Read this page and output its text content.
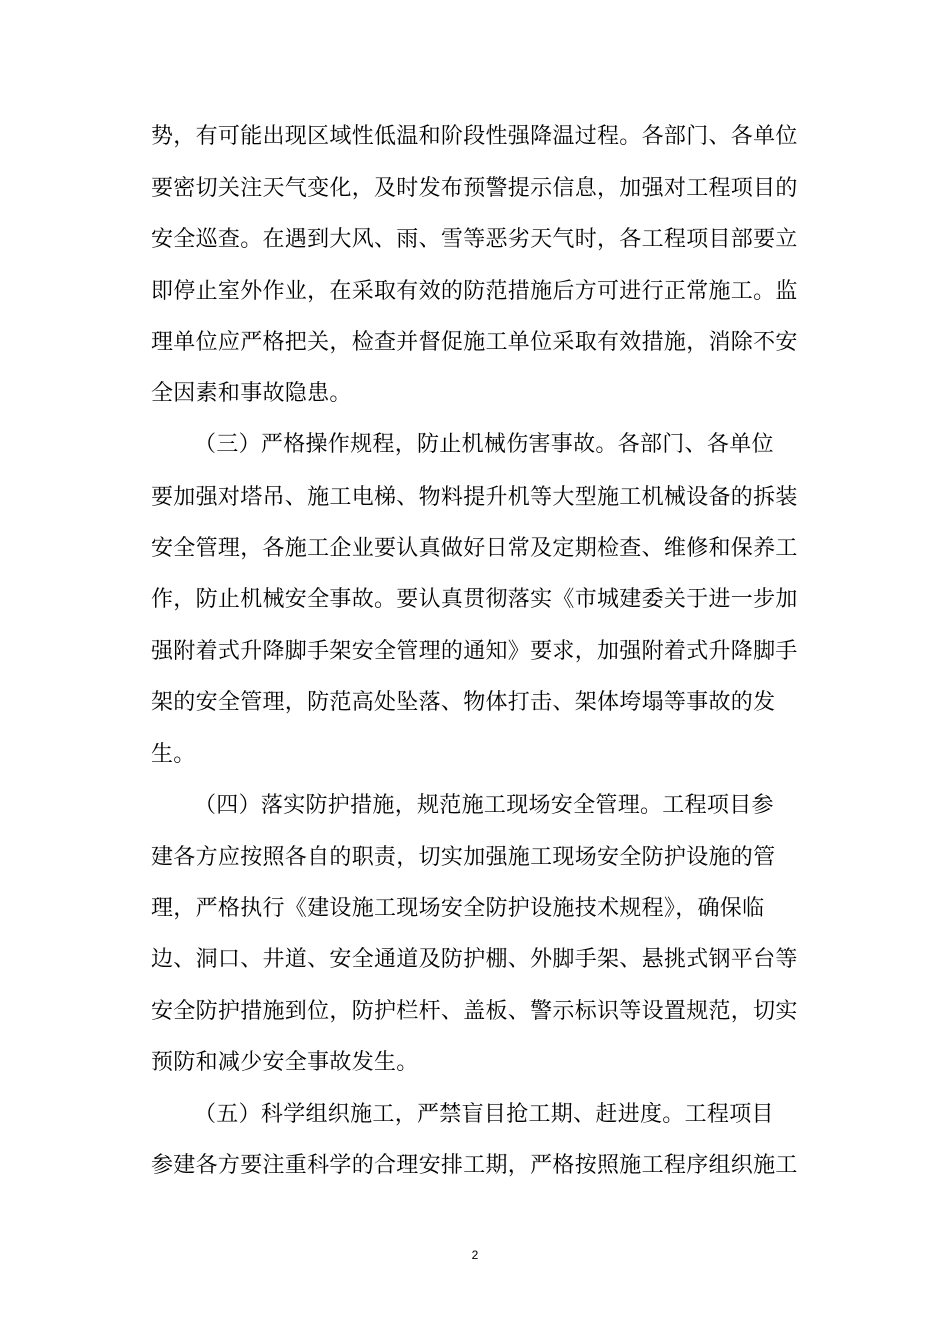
势，有可能出现区域性低温和阶段性强降温过程。各部门、各单位
要密切关注天气变化，及时发布预警提示信息，加强对工程项目的
安全巡查。在遇到大风、雨、雪等恶劣天气时，各工程项目部要立
即停止室外作业，在采取有效的防范措施后方可进行正常施工。监
理单位应严格把关，检查并督促施工单位采取有效措施，消除不安
全因素和事故隐患。
（三）严格操作规程，防止机械伤害事故。各部门、各单位
要加强对塔吊、施工电梯、物料提升机等大型施工机械设备的拆装
安全管理，各施工企业要认真做好日常及定期检查、维修和保养工
作，防止机械安全事故。要认真贯彻落实《市城建委关于进一步加
强附着式升降脚手架安全管理的通知》要求，加强附着式升降脚手
架的安全管理，防范高处坠落、物体打击、架体垮塌等事故的发
生。
（四）落实防护措施，规范施工现场安全管理。工程项目参
建各方应按照各自的职责，切实加强施工现场安全防护设施的管
理，严格执行《建设施工现场安全防护设施技术规程》，确保临
边、洞口、井道、安全通道及防护棚、外脚手架、悬挑式钢平台等
安全防护措施到位，防护栏杆、盖板、警示标识等设置规范，切实
预防和减少安全事故发生。
（五）科学组织施工，严禁盲目抢工期、赶进度。工程项目
参建各方要注重科学的合理安排工期，严格按照施工程序组织施工
2
